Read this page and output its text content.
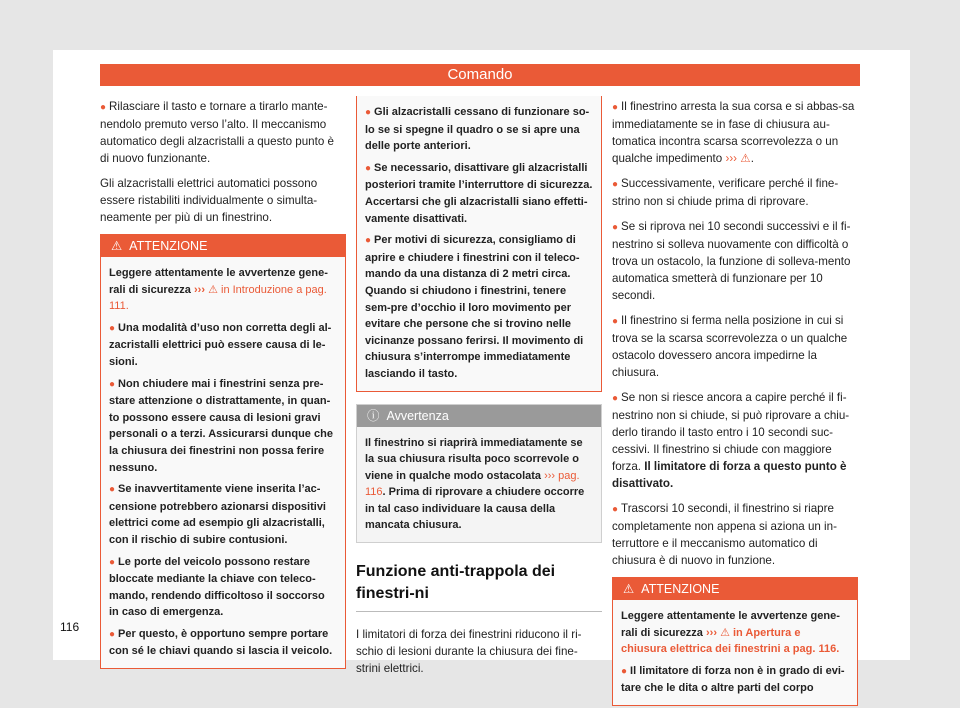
Comando

● Rilasciare il tasto e tornare a tirarlo mante-nendolo premuto verso l’alto. Il meccanismo automatico degli alzacristalli a questo punto è di nuovo funzionante.

Gli alzacristalli elettrici automatici possono essere ristabiliti individualmente o simulta-neamente per più di un finestrino.

⚠ ATTENZIONE

Leggere attentamente le avvertenze gene-rali di sicurezza ››› ⚠ in Introduzione a pag. 111.

● Una modalità d’uso non corretta degli al-zacristalli elettrici può essere causa di le-sioni.

● Non chiudere mai i finestrini senza pre-stare attenzione o distrattamente, in quan-to possono essere causa di lesioni gravi personali o a terzi. Assicurarsi dunque che la chiusura dei finestrini non possa ferire nessuno.

● Se inavvertitamente viene inserita l’ac-censione potrebbero azionarsi dispositivi elettrici come ad esempio gli alzacristalli, con il rischio di subire contusioni.

● Le porte del veicolo possono restare bloccate mediante la chiave con teleco-mando, rendendo difficoltoso il soccorso in caso di emergenza.

● Per questo, è opportuno sempre portare con sé le chiavi quando si lascia il veicolo.

● Gli alzacristalli cessano di funzionare so-lo se si spegne il quadro o se si apre una delle porte anteriori.

● Se necessario, disattivare gli alzacristalli posteriori tramite l’interruttore di sicurezza. Accertarsi che gli alzacristalli siano effetti-vamente disattivati.

● Per motivi di sicurezza, consigliamo di aprire e chiudere i finestrini con il teleco-mando da una distanza di 2 metri circa. Quando si chiudono i finestrini, tenere sem-pre d’occhio il loro movimento per evitare che persone che si trovino nelle vicinanze possano ferirsi. Il movimento di chiusura s’interrompe immediatamente lasciando il tasto.

ⓘ Avvertenza
Il finestrino si riaprirà immediatamente se la sua chiusura risulta poco scorrevole o viene in qualche modo ostacolata ››› pag. 116. Prima di riprovare a chiudere occorre in tal caso individuare la causa della mancata chiusura.
Funzione anti-trappola dei finestri-ni

I limitatori di forza dei finestrini riducono il ri-schio di lesioni durante la chiusura dei fine-strini elettrici.

● Il finestrino arresta la sua corsa e si abbas-sa immediatamente se in fase di chiusura au-tomatica incontra scarsa scorrevolezza o un qualche impedimento ››› ⚠.

● Successivamente, verificare perché il fine-strino non si chiude prima di riprovare.

● Se si riprova nei 10 secondi successivi e il fi-nestrino si solleva nuovamente con difficoltà o trova un ostacolo, la funzione di solleva-mento automatica smetterà di funzionare per 10 secondi.

● Il finestrino si ferma nella posizione in cui si trova se la scarsa scorrevolezza o un qualche ostacolo dovessero ancora impedirne la chiusura.

● Se non si riesce ancora a capire perché il fi-nestrino non si chiude, si può riprovare a chiu-derlo tirando il tasto entro i 10 secondi suc-cessivi. Il finestrino si chiude con maggiore forza. Il limitatore di forza a questo punto è disattivato.

● Trascorsi 10 secondi, il finestrino si riapre completamente non appena si aziona un in-terruttore e il meccanismo automatico di chiusura è di nuovo in funzione.

⚠ ATTENZIONE

Leggere attentamente le avvertenze gene-rali di sicurezza ››› ⚠ in Apertura e chiusura elettrica dei finestrini a pag. 116.

● Il limitatore di forza non è in grado di evi-tare che le dita o altre parti del corpo

116
